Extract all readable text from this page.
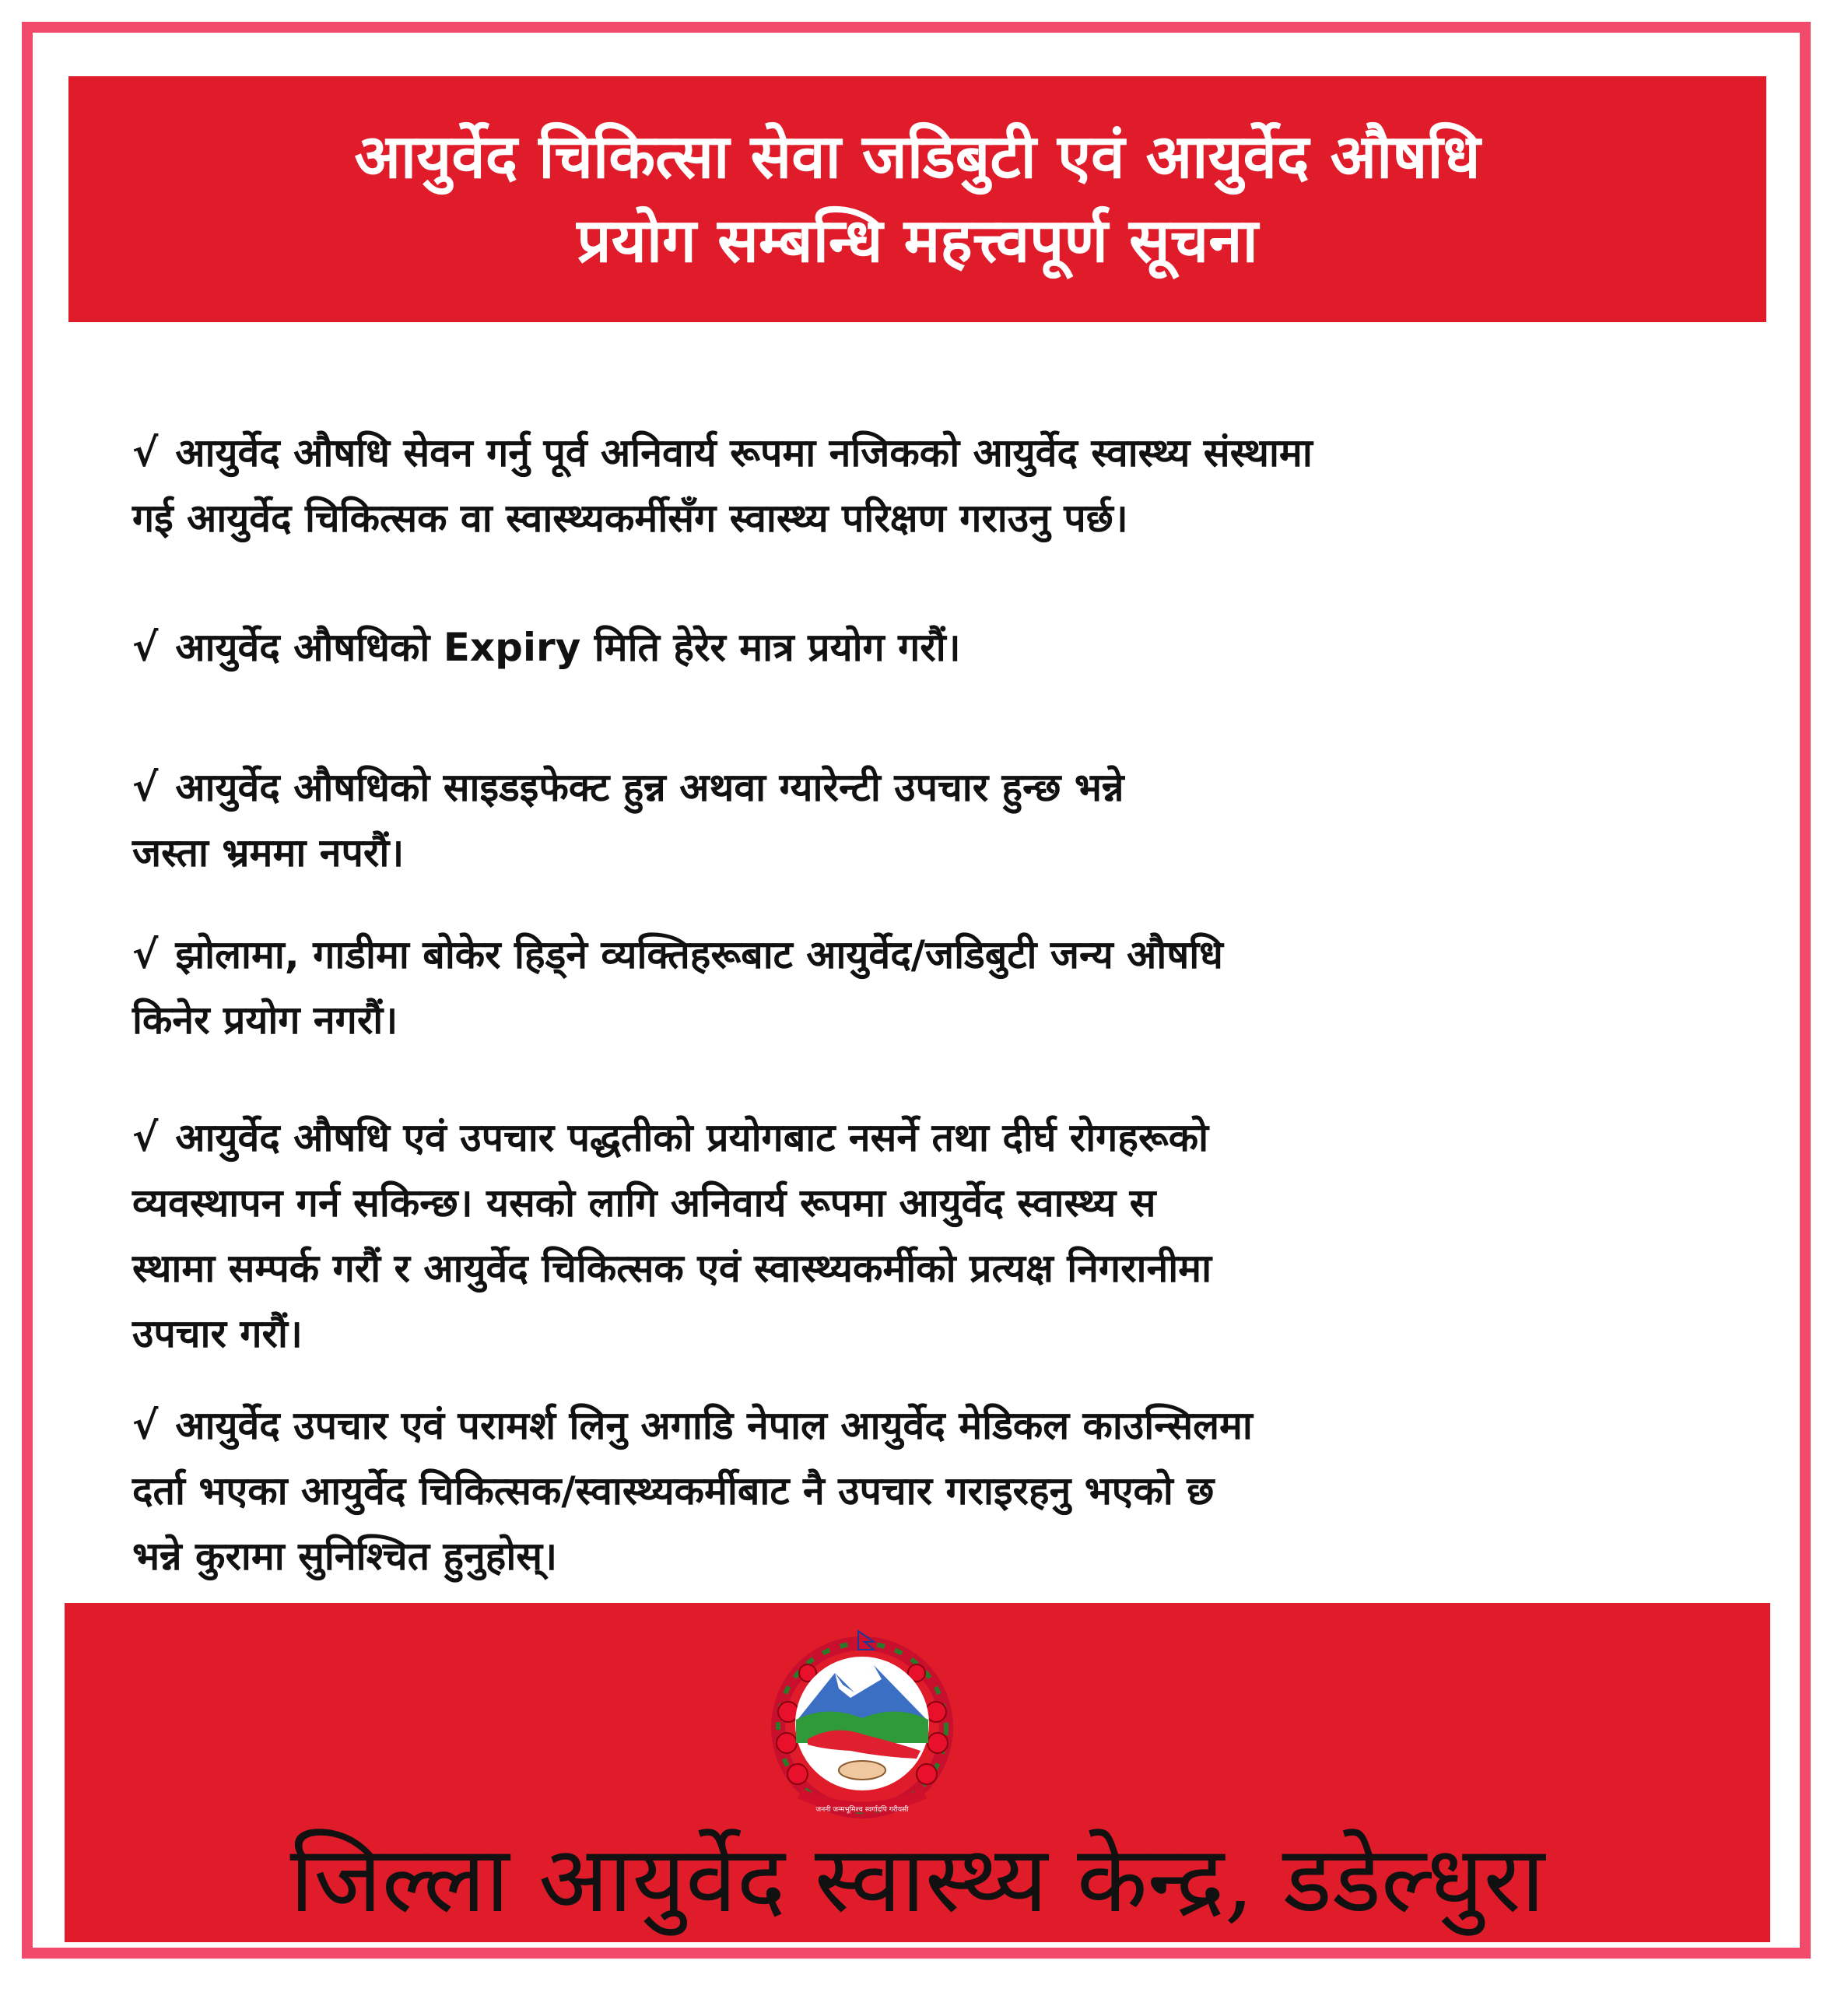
आयुर्वेद चिकित्सा सेवा जडिबुटी एवं आयुर्वेद औषधि
प्रयोग सम्बन्धि महत्त्वपूर्ण सूचना
√ आयुर्वेद औषधि सेवन गर्नु पूर्व अनिवार्य रूपमा नजिकको आयुर्वेद स्वास्थ्य संस्थामा
गई आयुर्वेद चिकित्सक वा स्वास्थ्यकर्मीसँग स्वास्थ्य परिक्षण गराउनु पर्छ।
√ आयुर्वेद औषधिको Expiry मिति हेरेर मात्र प्रयोग गरौं।
√ आयुर्वेद औषधिको साइडइफेक्ट हुन्न अथवा ग्यारेन्टी उपचार हुन्छ भन्ने
जस्ता भ्रममा नपरौं।
√ झोलामा, गाडीमा बोकेर हिड्ने व्यक्तिहरूबाट आयुर्वेद/जडिबुटी जन्य औषधि
किनेर प्रयोग नगरौं।
√ आयुर्वेद औषधि एवं उपचार पद्धतीको प्रयोगबाट नसर्ने तथा दीर्घ रोगहरूको
व्यवस्थापन गर्न सकिन्छ। यसको लागि अनिवार्य रूपमा आयुर्वेद स्वास्थ्य स
स्थामा सम्पर्क गरौं र आयुर्वेद चिकित्सक एवं स्वास्थ्यकर्मीको प्रत्यक्ष निगरानीमा
उपचार गरौं।
√ आयुर्वेद उपचार एवं परामर्श लिनु अगाडि नेपाल आयुर्वेद मेडिकल काउन्सिलमा
दर्ता भएका आयुर्वेद चिकित्सक/स्वास्थ्यकर्मीबाट नै उपचार गराइरहनु भएको छ
भन्ने कुरामा सुनिश्चित हुनुहोस्।
जननी जन्मभूमिश्च स्वर्गादपि गरीयसी
जिल्ला आयुर्वेद स्वास्थ्य केन्द्र, डडेल्धुरा
